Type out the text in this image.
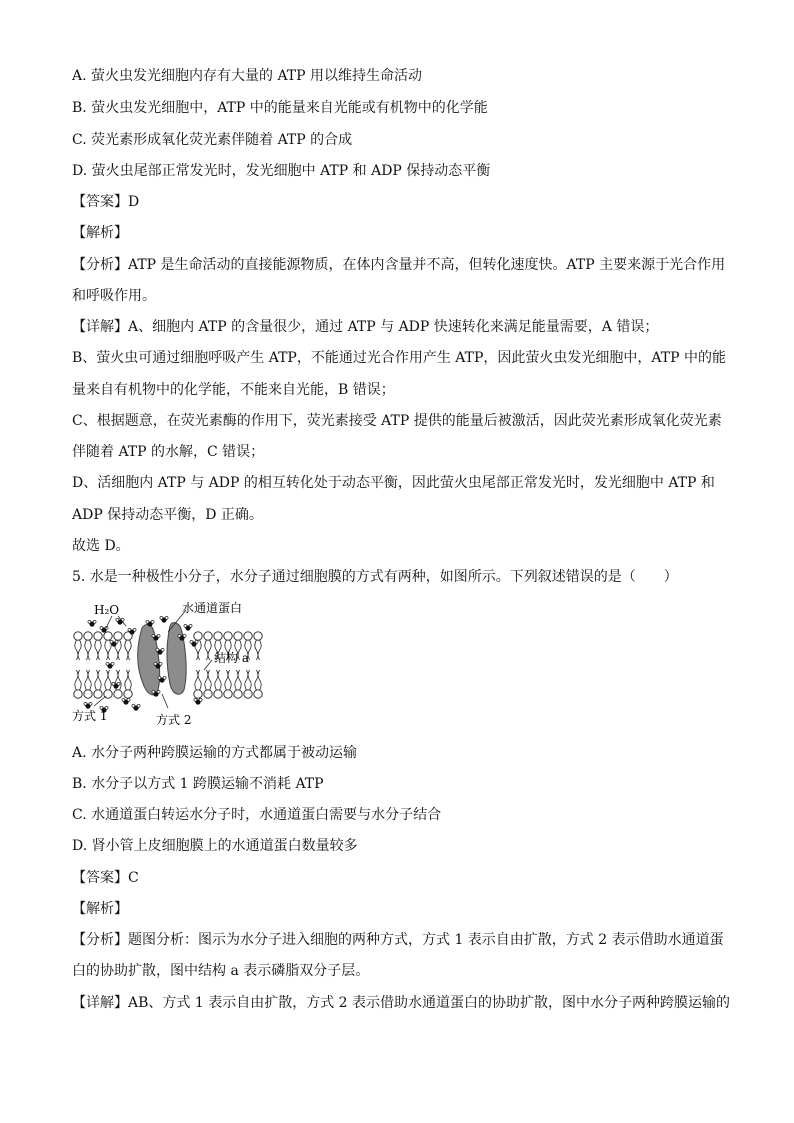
A. 萤火虫发光细胞内存有大量的 ATP 用以维持生命活动
B. 萤火虫发光细胞中，ATP 中的能量来自光能或有机物中的化学能
C. 荧光素形成氧化荧光素伴随着 ATP 的合成
D. 萤火虫尾部正常发光时，发光细胞中 ATP 和 ADP 保持动态平衡
【答案】D
【解析】
【分析】ATP 是生命活动的直接能源物质，在体内含量并不高，但转化速度快。ATP 主要来源于光合作用
和呼吸作用。
【详解】A、细胞内 ATP 的含量很少，通过 ATP 与 ADP 快速转化来满足能量需要，A 错误；
B、萤火虫可通过细胞呼吸产生 ATP，不能通过光合作用产生 ATP，因此萤火虫发光细胞中，ATP 中的能
量来自有机物中的化学能，不能来自光能，B 错误；
C、根据题意，在荧光素酶的作用下，荧光素接受 ATP 提供的能量后被激活，因此荧光素形成氧化荧光素
伴随着 ATP 的水解，C 错误；
D、活细胞内 ATP 与 ADP 的相互转化处于动态平衡，因此萤火虫尾部正常发光时，发光细胞中 ATP 和
ADP 保持动态平衡，D 正确。
故选 D。
5. 水是一种极性小分子，水分子通过细胞膜的方式有两种，如图所示。下列叙述错误的是（　　）
H₂O	水通道蛋白
结构 a
方式 1	方式 2
A. 水分子两种跨膜运输的方式都属于被动运输
B. 水分子以方式 1 跨膜运输不消耗 ATP
C. 水通道蛋白转运水分子时，水通道蛋白需要与水分子结合
D. 肾小管上皮细胞膜上的水通道蛋白数量较多
【答案】C
【解析】
【分析】题图分析：图示为水分子进入细胞的两种方式，方式 1 表示自由扩散，方式 2 表示借助水通道蛋
白的协助扩散，图中结构 a 表示磷脂双分子层。
【详解】AB、方式 1 表示自由扩散，方式 2 表示借助水通道蛋白的协助扩散，图中水分子两种跨膜运输的
